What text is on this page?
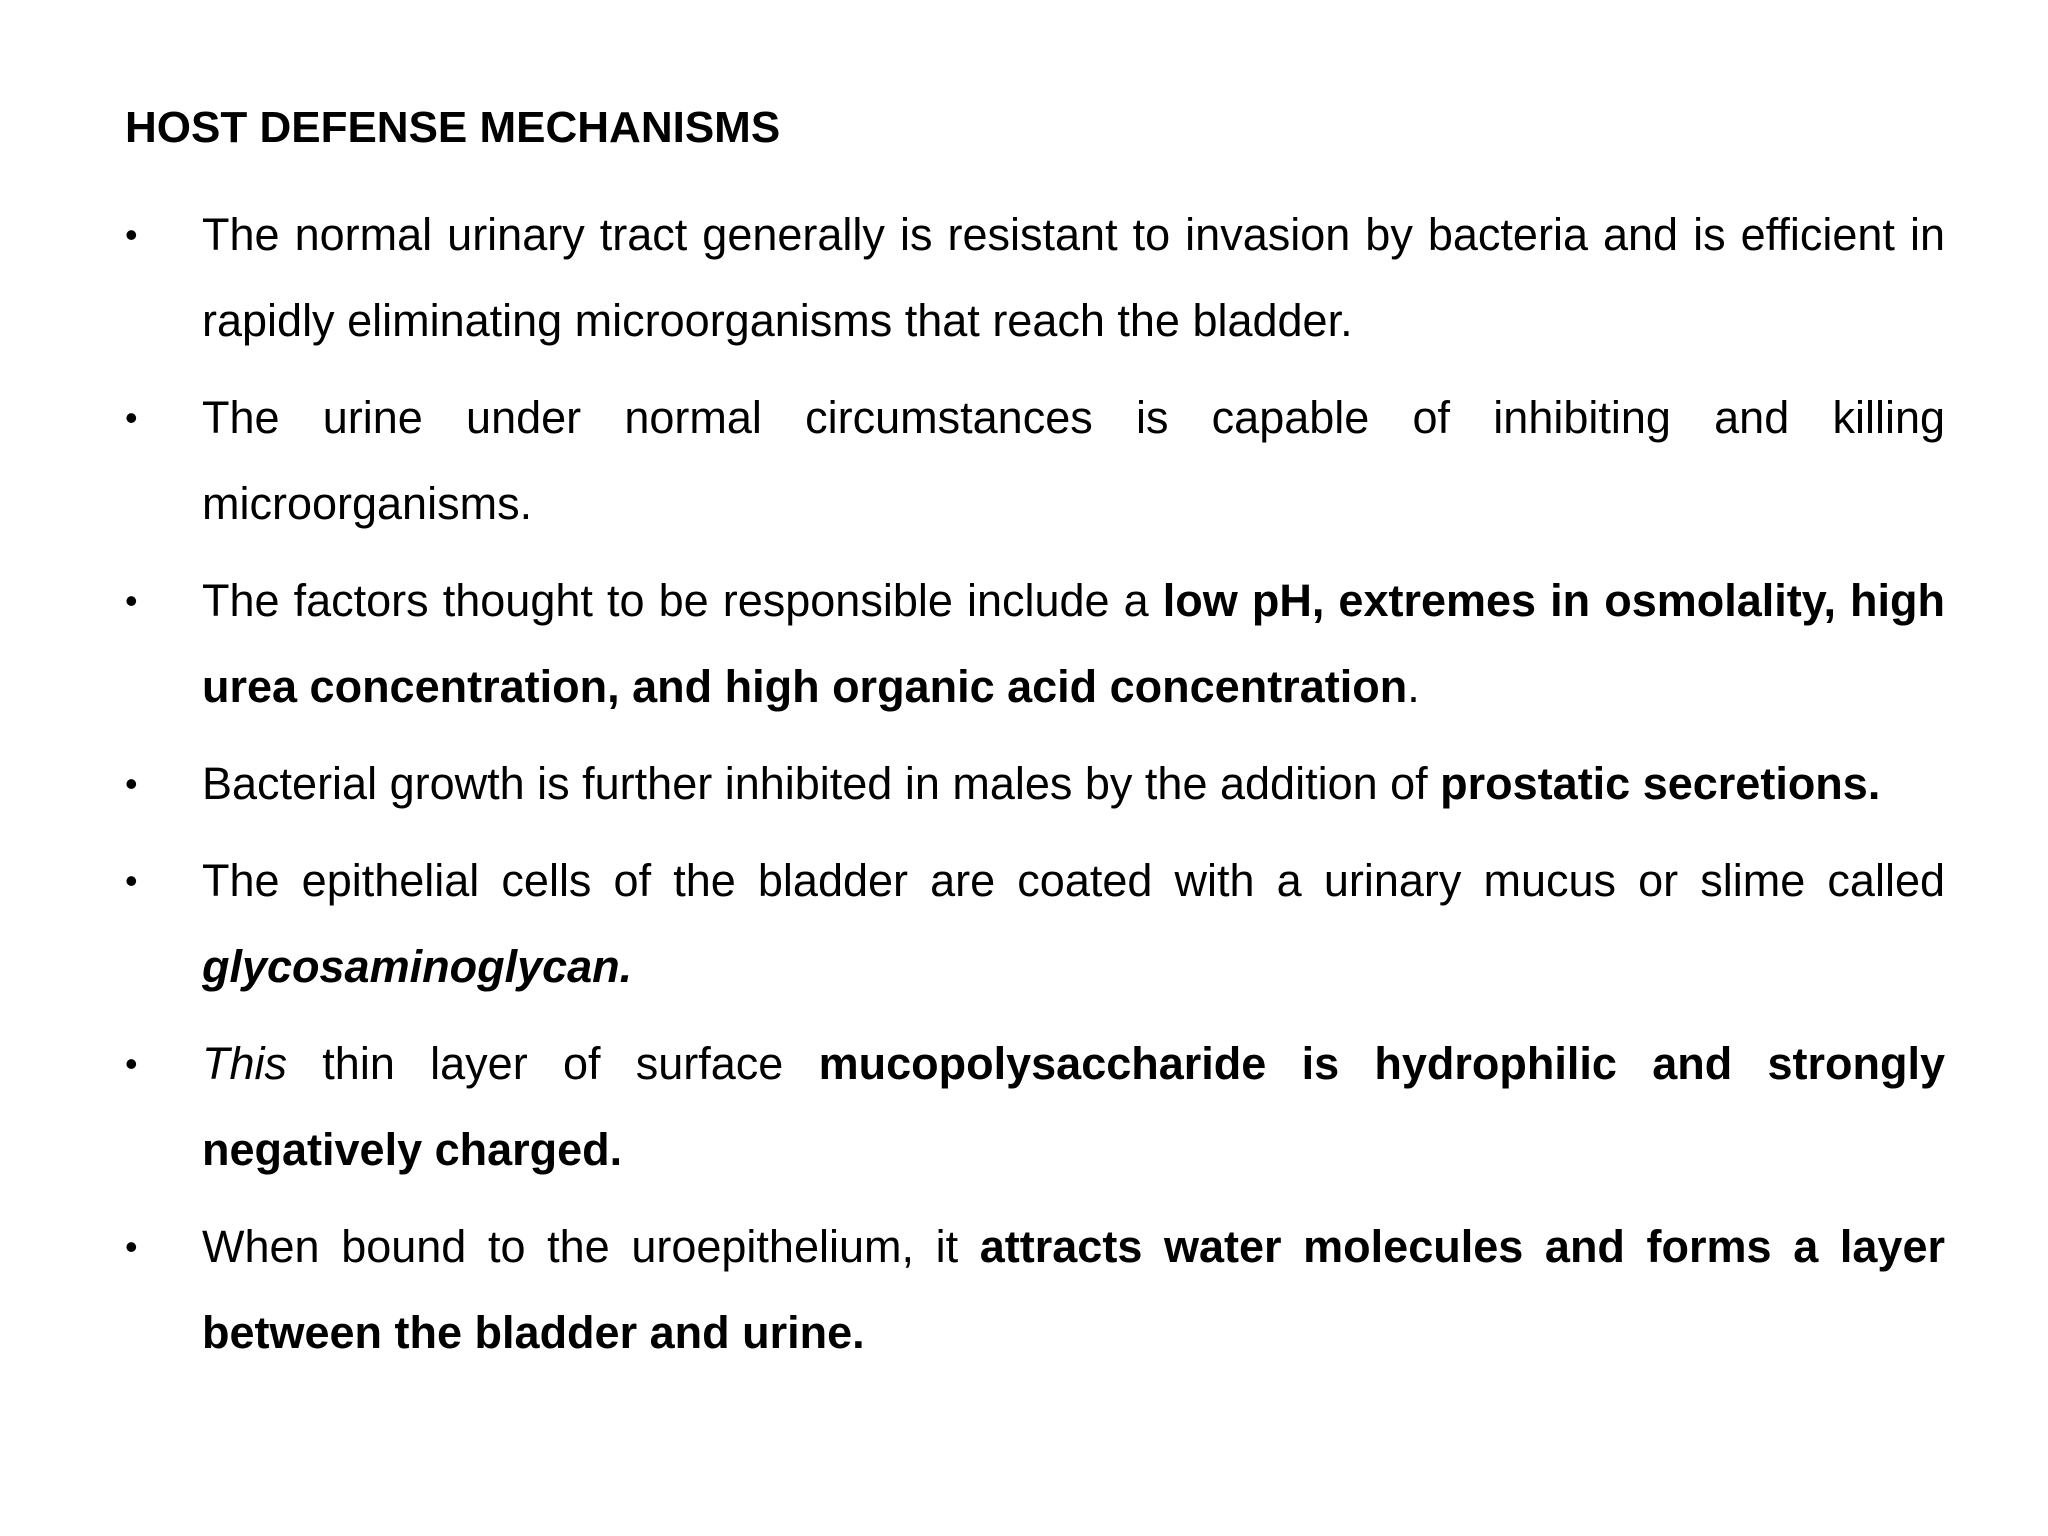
HOST DEFENSE MECHANISMS
• The normal urinary tract generally is resistant to invasion by bacteria and is efficient in rapidly eliminating microorganisms that reach the bladder.
• The urine under normal circumstances is capable of inhibiting and killing microorganisms.
• The factors thought to be responsible include a low pH, extremes in osmolality, high urea concentration, and high organic acid concentration.
• Bacterial growth is further inhibited in males by the addition of prostatic secretions.
• The epithelial cells of the bladder are coated with a urinary mucus or slime called glycosaminoglycan.
• This thin layer of surface mucopolysaccharide is hydrophilic and strongly negatively charged.
• When bound to the uroepithelium, it attracts water molecules and forms a layer between the bladder and urine.
